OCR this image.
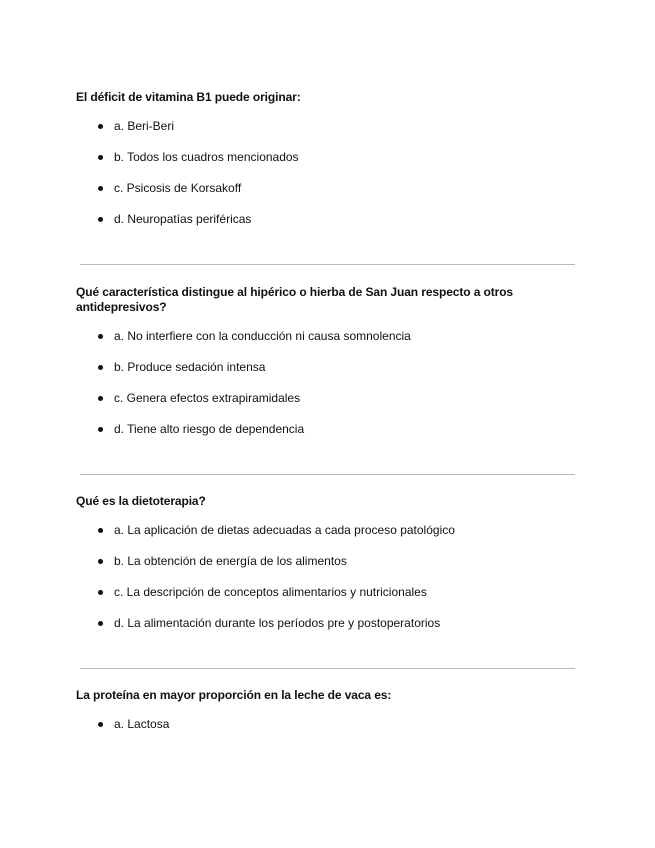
El déficit de vitamina B1 puede originar:

a. Beri-Beri
b. Todos los cuadros mencionados
c. Psicosis de Korsakoff
d. Neuropatías periféricas

Qué característica distingue al hipérico o hierba de San Juan respecto a otros antidepresivos?

a. No interfiere con la conducción ni causa somnolencia
b. Produce sedación intensa
c. Genera efectos extrapiramidales
d. Tiene alto riesgo de dependencia

Qué es la dietoterapia?

a. La aplicación de dietas adecuadas a cada proceso patológico
b. La obtención de energía de los alimentos
c. La descripción de conceptos alimentarios y nutricionales
d. La alimentación durante los períodos pre y postoperatorios

La proteína en mayor proporción en la leche de vaca es:

a. Lactosa
